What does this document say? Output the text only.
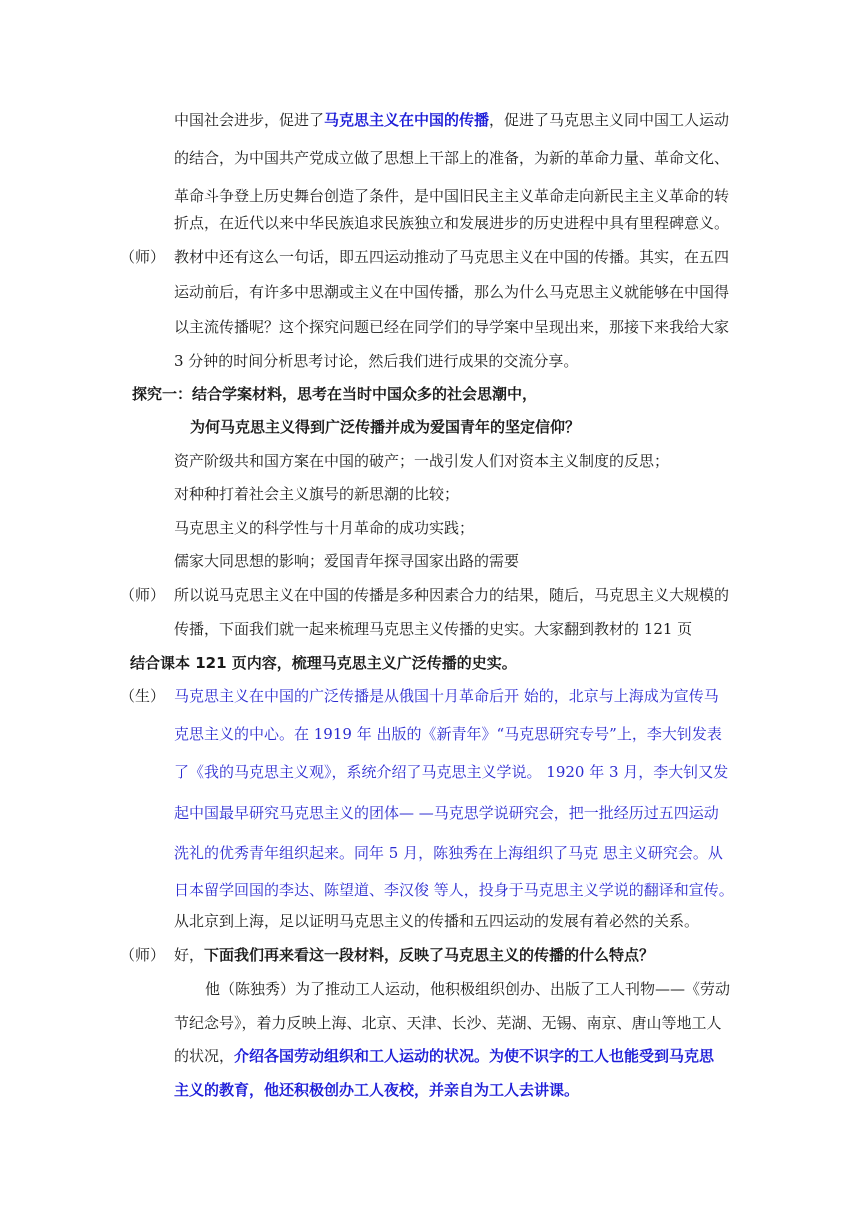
中国社会进步，促进了马克思主义在中国的传播，促进了马克思主义同中国工人运动
的结合，为中国共产党成立做了思想上干部上的准备，为新的革命力量、革命文化、
革命斗争登上历史舞台创造了条件，是中国旧民主主义革命走向新民主主义革命的转
折点，在近代以来中华民族追求民族独立和发展进步的历史进程中具有里程碑意义。
（师） 教材中还有这么一句话，即五四运动推动了马克思主义在中国的传播。其实，在五四
运动前后，有许多中思潮或主义在中国传播，那么为什么马克思主义就能够在中国得
以主流传播呢？这个探究问题已经在同学们的导学案中呈现出来，那接下来我给大家
3 分钟的时间分析思考讨论，然后我们进行成果的交流分享。
探究一：结合学案材料，思考在当时中国众多的社会思潮中，
为何马克思主义得到广泛传播并成为爱国青年的坚定信仰？
资产阶级共和国方案在中国的破产；一战引发人们对资本主义制度的反思；
对种种打着社会主义旗号的新思潮的比较；
马克思主义的科学性与十月革命的成功实践；
儒家大同思想的影响；爱国青年探寻国家出路的需要
（师） 所以说马克思主义在中国的传播是多种因素合力的结果，随后，马克思主义大规模的
传播，下面我们就一起来梳理马克思主义传播的史实。大家翻到教材的 121 页
结合课本 121 页内容，梳理马克思主义广泛传播的史实。
（生） 马克思主义在中国的广泛传播是从俄国十月革命后开 始的，北京与上海成为宣传马
克思主义的中心。在 1919 年 出版的《新青年》“马克思研究专号”上，李大钊发表
了《我的马克思主义观》，系统介绍了马克思主义学说。 1920 年 3 月，李大钊又发
起中国最早研究马克思主义的团体— —马克思学说研究会，把一批经历过五四运动
洗礼的优秀青年组织起来。同年 5 月，陈独秀在上海组织了马克 思主义研究会。从
日本留学回国的李达、陈望道、李汉俊 等人，投身于马克思主义学说的翻译和宣传。
从北京到上海，足以证明马克思主义的传播和五四运动的发展有着必然的关系。
（师） 好，下面我们再来看这一段材料，反映了马克思主义的传播的什么特点？
他（陈独秀）为了推动工人运动，他积极组织创办、出版了工人刊物——《劳动
节纪念号》，着力反映上海、北京、天津、长沙、芜湖、无锡、南京、唐山等地工人
的状况，介绍各国劳动组织和工人运动的状况。为使不识字的工人也能受到马克思
主义的教育，他还积极创办工人夜校，并亲自为工人去讲课。
